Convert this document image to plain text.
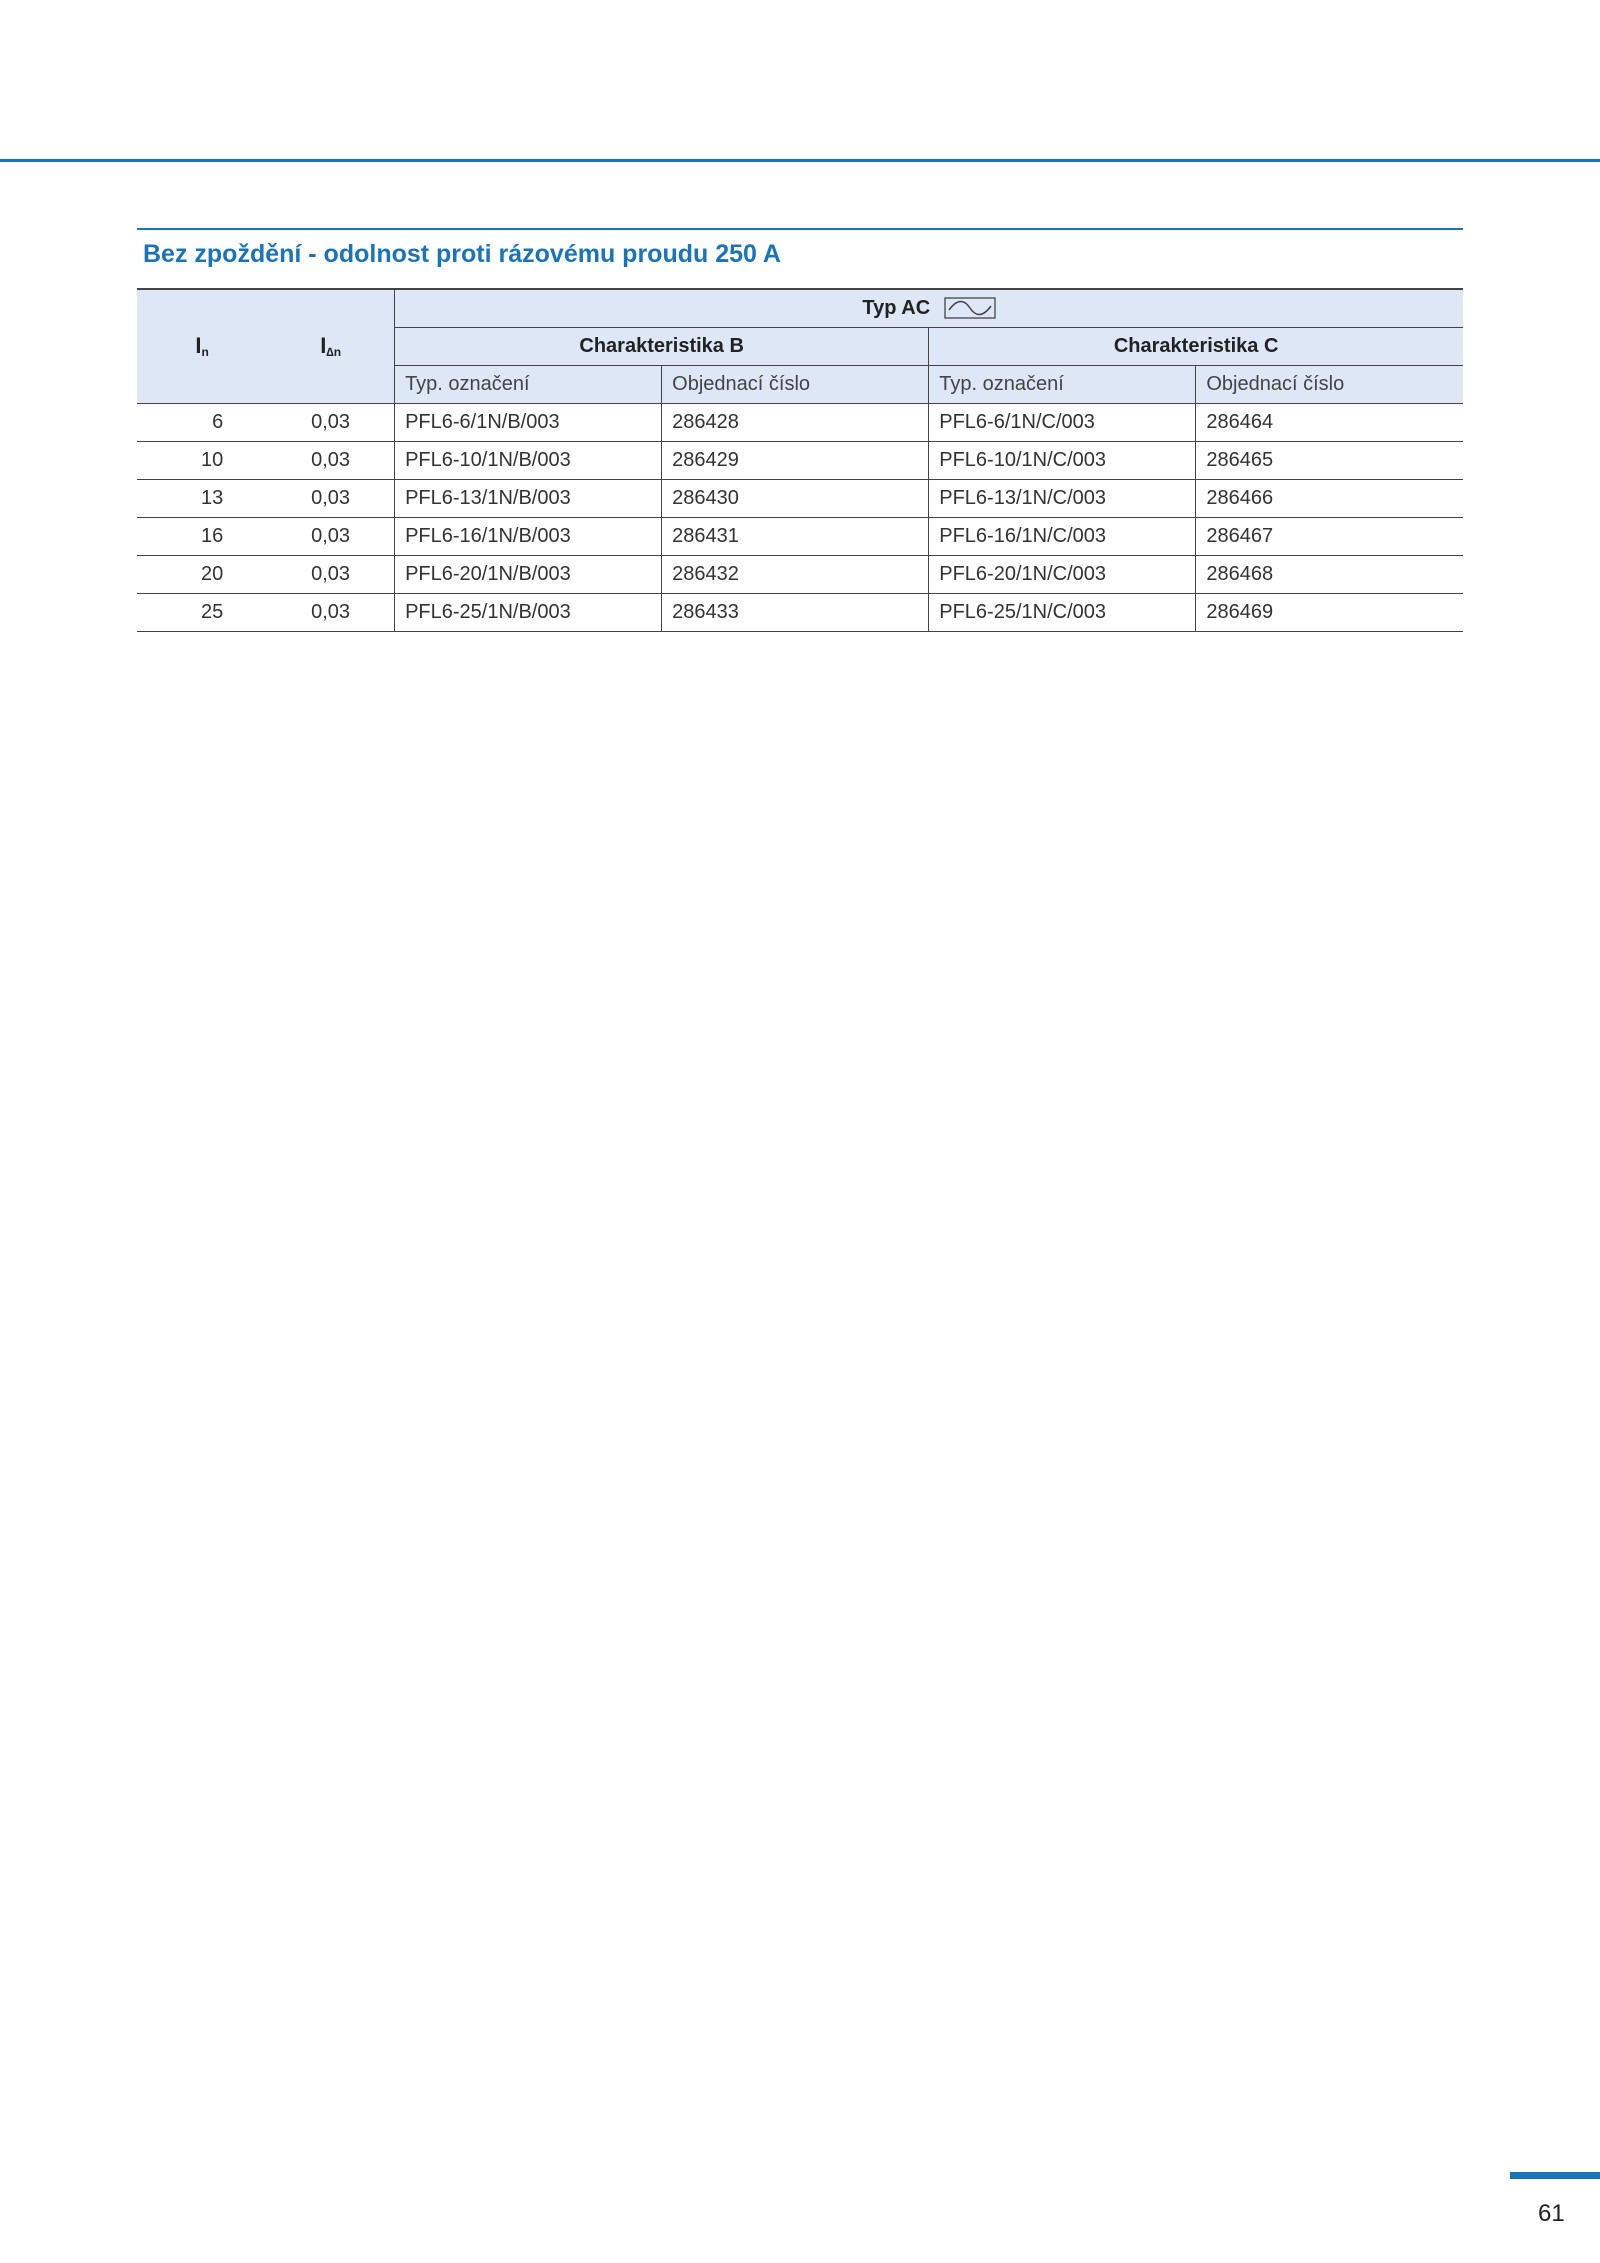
Bez zpoždění - odolnost proti rázovému proudu 250 A
$I_n$	$I_{\Delta n}$	Typ AC			
		Charakteristika B		Charakteristika C	
		Typ. označení	Objednací číslo	Typ. označení	Objednací číslo
6	0,03	PFL6-6/1N/B/003	286428	PFL6-6/1N/C/003	286464
10	0,03	PFL6-10/1N/B/003	286429	PFL6-10/1N/C/003	286465
13	0,03	PFL6-13/1N/B/003	286430	PFL6-13/1N/C/003	286466
16	0,03	PFL6-16/1N/B/003	286431	PFL6-16/1N/C/003	286467
20	0,03	PFL6-20/1N/B/003	286432	PFL6-20/1N/C/003	286468
25	0,03	PFL6-25/1N/B/003	286433	PFL6-25/1N/C/003	286469
61
